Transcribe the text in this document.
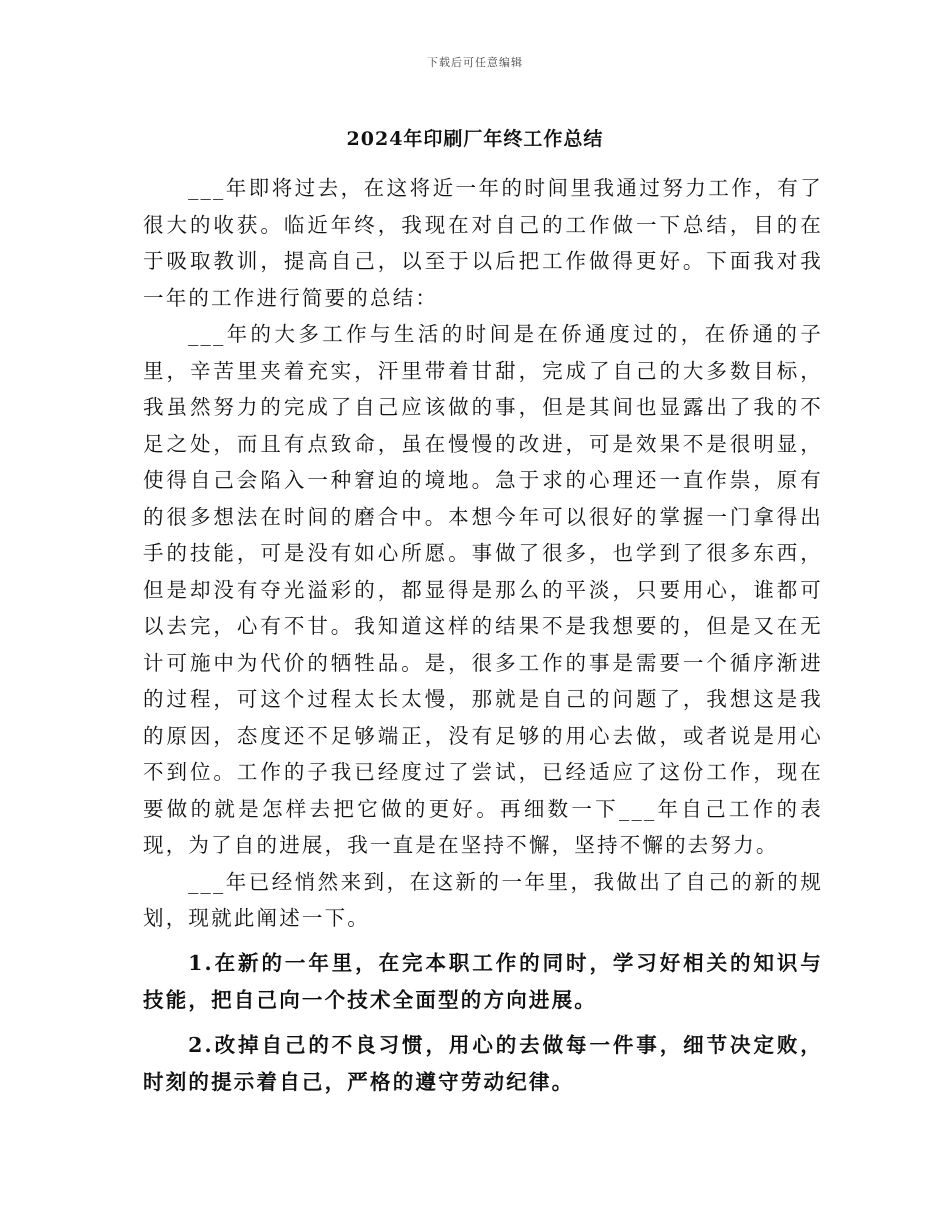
下载后可任意编辑
2024年印刷厂年终工作总结

___年即将过去，在这将近一年的时间里我通过努力工作，有了很大的收获。临近年终，我现在对自己的工作做一下总结，目的在于吸取教训，提高自己，以至于以后把工作做得更好。下面我对我一年的工作进行简要的总结：

___年的大多工作与生活的时间是在侨通度过的，在侨通的子里，辛苦里夹着充实，汗里带着甘甜，完成了自己的大多数目标，我虽然努力的完成了自己应该做的事，但是其间也显露出了我的不足之处，而且有点致命，虽在慢慢的改进，可是效果不是很明显，使得自己会陷入一种窘迫的境地。急于求的心理还一直作祟，原有的很多想法在时间的磨合中。本想今年可以很好的掌握一门拿得出手的技能，可是没有如心所愿。事做了很多，也学到了很多东西，但是却没有夺光溢彩的，都显得是那么的平淡，只要用心，谁都可以去完，心有不甘。我知道这样的结果不是我想要的，但是又在无计可施中为代价的牺牲品。是，很多工作的事是需要一个循序渐进的过程，可这个过程太长太慢，那就是自己的问题了，我想这是我的原因，态度还不足够端正，没有足够的用心去做，或者说是用心不到位。工作的子我已经度过了尝试，已经适应了这份工作，现在要做的就是怎样去把它做的更好。再细数一下___年自己工作的表现，为了自的进展，我一直是在坚持不懈，坚持不懈的去努力。

___年已经悄然来到，在这新的一年里，我做出了自己的新的规划，现就此阐述一下。

1.在新的一年里，在完本职工作的同时，学习好相关的知识与技能，把自己向一个技术全面型的方向进展。

2.改掉自己的不良习惯，用心的去做每一件事，细节决定败，时刻的提示着自己，严格的遵守劳动纪律。
